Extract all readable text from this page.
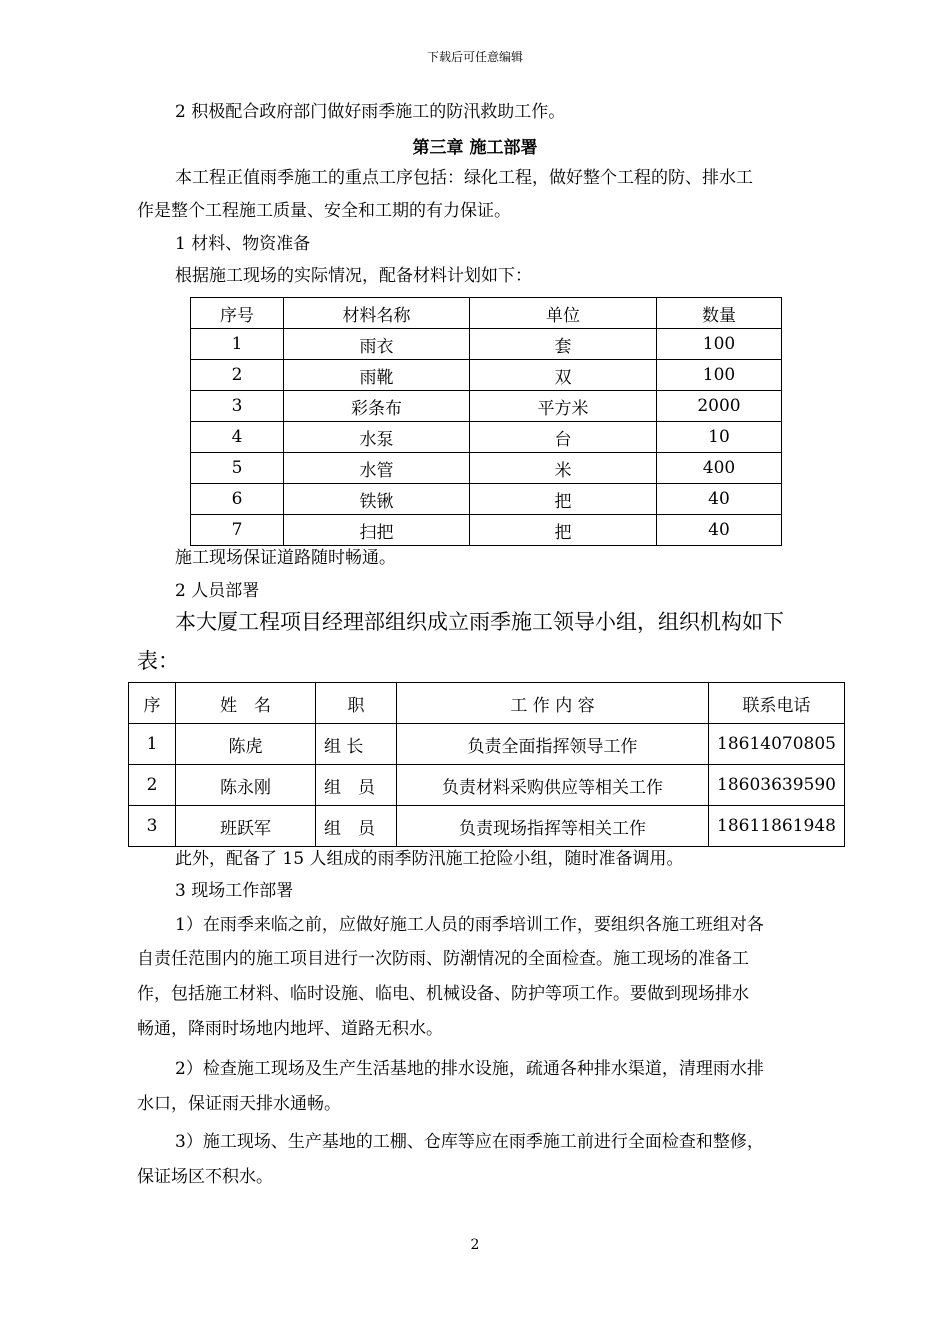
下载后可任意编辑
2 积极配合政府部门做好雨季施工的防汛救助工作。
第三章 施工部署
本工程正值雨季施工的重点工序包括：绿化工程，做好整个工程的防、排水工
作是整个工程施工质量、安全和工期的有力保证。
1 材料、物资准备
根据施工现场的实际情况，配备材料计划如下：
序号	材料名称	单位	数量
1	雨衣	套	100
2	雨靴	双	100
3	彩条布	平方米	2000
4	水泵	台	10
5	水管	米	400
6	铁锹	把	40
7	扫把	把	40
施工现场保证道路随时畅通。
2 人员部署
本大厦工程项目经理部组织成立雨季施工领导小组，组织机构如下
表：
序	姓　名	职	工 作 内 容	联系电话
1	陈虎	组 长	负责全面指挥领导工作	18614070805
2	陈永刚	组　员	负责材料采购供应等相关工作	18603639590
3	班跃军	组　员	负责现场指挥等相关工作	18611861948
此外，配备了 15 人组成的雨季防汛施工抢险小组，随时准备调用。
3 现场工作部署
1）在雨季来临之前，应做好施工人员的雨季培训工作，要组织各施工班组对各
自责任范围内的施工项目进行一次防雨、防潮情况的全面检查。施工现场的准备工
作，包括施工材料、临时设施、临电、机械设备、防护等项工作。要做到现场排水
畅通，降雨时场地内地坪、道路无积水。
2）检查施工现场及生产生活基地的排水设施，疏通各种排水渠道，清理雨水排
水口，保证雨天排水通畅。
3）施工现场、生产基地的工棚、仓库等应在雨季施工前进行全面检查和整修，
保证场区不积水。
2
